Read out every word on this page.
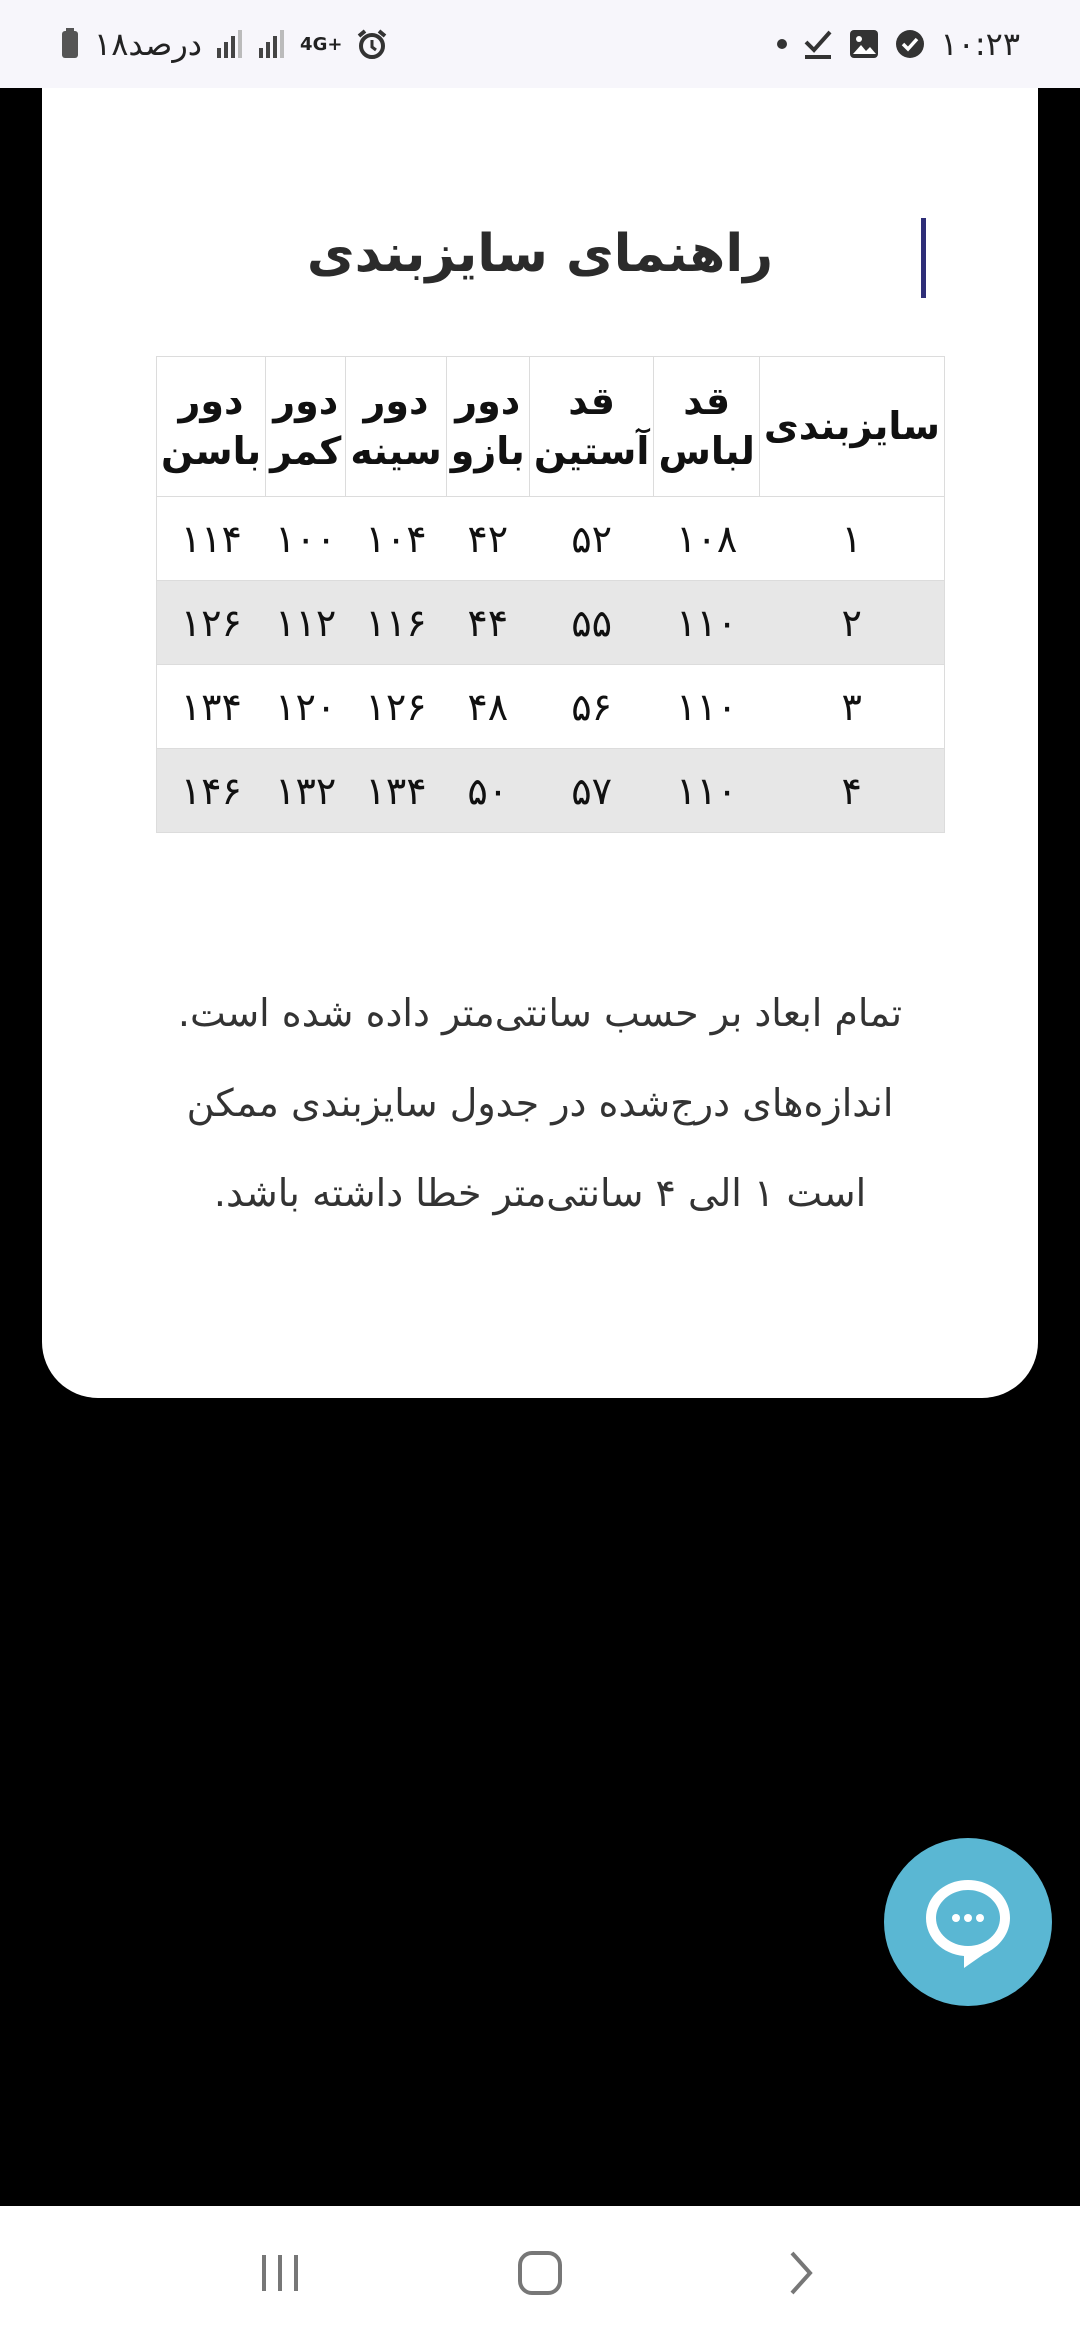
۱۸درصد	4G+	۱۰:۲۳
راهنمای سایزبندی
سایزبندی	قد لباس	قد آستین	دور بازو	دور سینه	دور کمر	دور باسن
۱	۱۰۸	۵۲	۴۲	۱۰۴	۱۰۰	۱۱۴
۲	۱۱۰	۵۵	۴۴	۱۱۶	۱۱۲	۱۲۶
۳	۱۱۰	۵۶	۴۸	۱۲۶	۱۲۰	۱۳۴
۴	۱۱۰	۵۷	۵۰	۱۳۴	۱۳۲	۱۴۶
تمام ابعاد بر حسب سانتی‌متر داده شده است.
اندازه‌های درج‌شده در جدول سایزبندی ممکن
است ۱ الی ۴ سانتی‌متر خطا داشته باشد.
